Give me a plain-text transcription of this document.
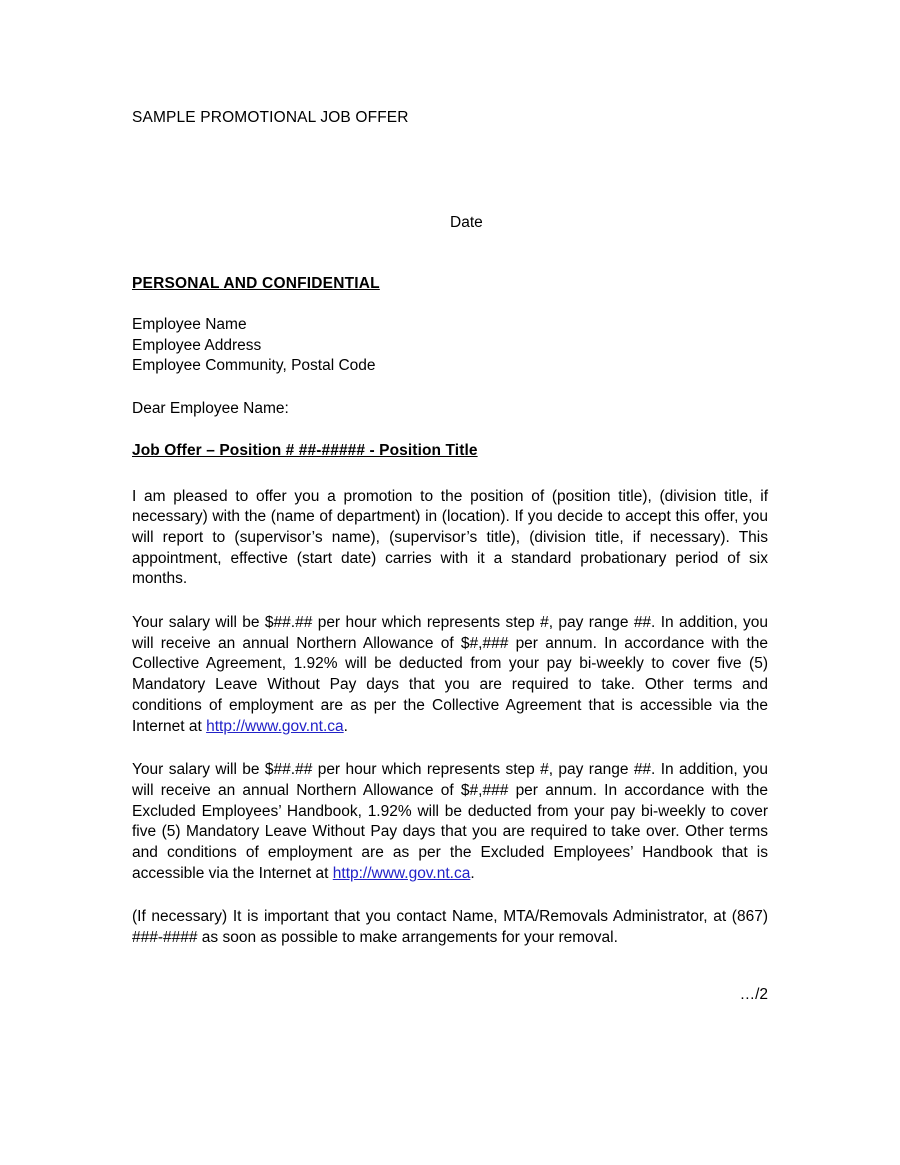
SAMPLE PROMOTIONAL JOB OFFER

Date

PERSONAL AND CONFIDENTIAL

Employee Name

Employee Address

Employee Community, Postal Code

Dear Employee Name:

Job Offer – Position # ##-##### - Position Title

I am pleased to offer you a promotion to the position of (position title), (division title, if necessary) with the (name of department) in (location). If you decide to accept this offer, you will report to (supervisor’s name), (supervisor’s title), (division title, if necessary). This appointment, effective (start date) carries with it a standard probationary period of six months.

Your salary will be $##.## per hour which represents step #, pay range ##. In addition, you will receive an annual Northern Allowance of $#,### per annum. In accordance with the Collective Agreement, 1.92% will be deducted from your pay bi-weekly to cover five (5) Mandatory Leave Without Pay days that you are required to take. Other terms and conditions of employment are as per the Collective Agreement that is accessible via the Internet at http://www.gov.nt.ca.

Your salary will be $##.## per hour which represents step #, pay range ##. In addition, you will receive an annual Northern Allowance of $#,### per annum. In accordance with the Excluded Employees’ Handbook, 1.92% will be deducted from your pay bi-weekly to cover five (5) Mandatory Leave Without Pay days that you are required to take over. Other terms and conditions of employment are as per the Excluded Employees’ Handbook that is accessible via the Internet at http://www.gov.nt.ca.

(If necessary) It is important that you contact Name, MTA/Removals Administrator, at (867) ###-#### as soon as possible to make arrangements for your removal.

…/2
